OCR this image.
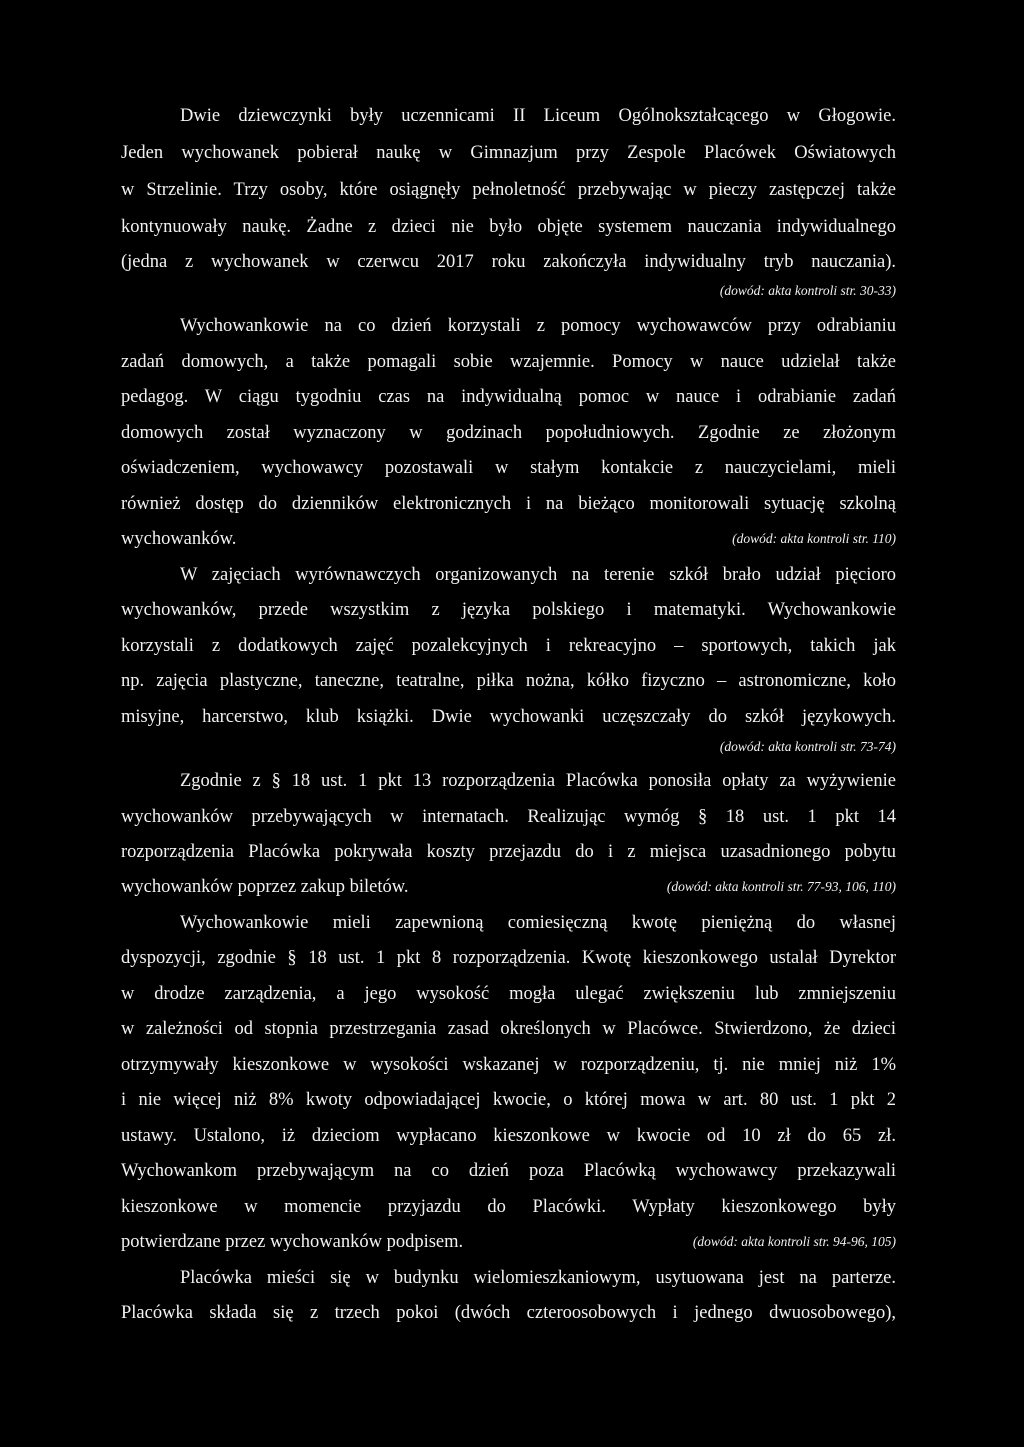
Dwie dziewczynki były uczennicami II Liceum Ogólnokształcącego w Głogowie.
Jeden wychowanek pobierał naukę w Gimnazjum przy Zespole Placówek Oświatowych
w Strzelinie. Trzy osoby, które osiągnęły pełnoletność przebywając w pieczy zastępczej także
kontynuowały naukę. Żadne z dzieci nie było objęte systemem nauczania indywidualnego
(jedna z wychowanek w czerwcu 2017 roku zakończyła indywidualny tryb nauczania).
(dowód: akta kontroli str. 30-33)
Wychowankowie na co dzień korzystali z pomocy wychowawców przy odrabianiu
zadań domowych, a także pomagali sobie wzajemnie. Pomocy w nauce udzielał także
pedagog. W ciągu tygodniu czas na indywidualną pomoc w nauce i odrabianie zadań
domowych został wyznaczony w godzinach popołudniowych. Zgodnie ze złożonym
oświadczeniem, wychowawcy pozostawali w stałym kontakcie z nauczycielami, mieli
również dostęp do dzienników elektronicznych i na bieżąco monitorowali sytuację szkolną
wychowanków.	(dowód: akta kontroli str. 110)
W zajęciach wyrównawczych organizowanych na terenie szkół brało udział pięcioro
wychowanków, przede wszystkim z języka polskiego i matematyki. Wychowankowie
korzystali z dodatkowych zajęć pozalekcyjnych i rekreacyjno – sportowych, takich jak
np. zajęcia plastyczne, taneczne, teatralne, piłka nożna, kółko fizyczno – astronomiczne, koło
misyjne, harcerstwo, klub książki. Dwie wychowanki uczęszczały do szkół językowych.
(dowód: akta kontroli str. 73-74)
Zgodnie z § 18 ust. 1 pkt 13 rozporządzenia Placówka ponosiła opłaty za wyżywienie
wychowanków przebywających w internatach. Realizując wymóg § 18 ust. 1 pkt 14
rozporządzenia Placówka pokrywała koszty przejazdu do i z miejsca uzasadnionego pobytu
wychowanków poprzez zakup biletów.	(dowód: akta kontroli str. 77-93, 106, 110)
Wychowankowie mieli zapewnioną comiesięczną kwotę pieniężną do własnej
dyspozycji, zgodnie § 18 ust. 1 pkt 8 rozporządzenia. Kwotę kieszonkowego ustalał Dyrektor
w drodze zarządzenia, a jego wysokość mogła ulegać zwiększeniu lub zmniejszeniu
w zależności od stopnia przestrzegania zasad określonych w Placówce. Stwierdzono, że dzieci
otrzymywały kieszonkowe w wysokości wskazanej w rozporządzeniu, tj. nie mniej niż 1%
i nie więcej niż 8% kwoty odpowiadającej kwocie, o której mowa w art. 80 ust. 1 pkt 2
ustawy. Ustalono, iż dzieciom wypłacano kieszonkowe w kwocie od 10 zł do 65 zł.
Wychowankom przebywającym na co dzień poza Placówką wychowawcy przekazywali
kieszonkowe w momencie przyjazdu do Placówki. Wypłaty kieszonkowego były
potwierdzane przez wychowanków podpisem.	(dowód: akta kontroli str. 94-96, 105)
Placówka mieści się w budynku wielomieszkaniowym, usytuowana jest na parterze.
Placówka składa się z trzech pokoi (dwóch czteroosobowych i jednego dwuosobowego),
